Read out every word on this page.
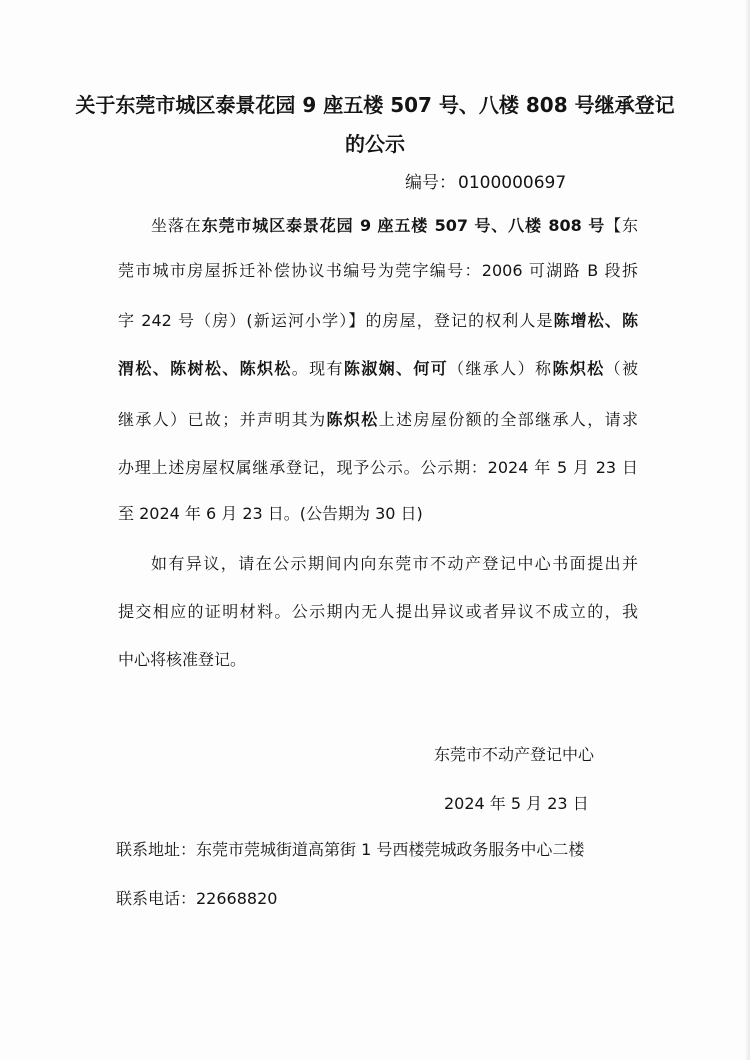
关于东莞市城区泰景花园 9 座五楼 507 号、八楼 808 号继承登记
的公示
编号： 0100000697
坐落在东莞市城区泰景花园 9 座五楼 507 号、八楼 808 号【东
莞市城市房屋拆迁补偿协议书编号为莞字编号：2006 可湖路 B 段拆
字 242 号（房）(新运河小学）】的房屋，登记的权利人是陈增松、陈
渭松、陈树松、陈炽松。现有陈淑娴、何可（继承人）称陈炽松（被
继承人）已故；并声明其为陈炽松上述房屋份额的全部继承人，请求
办理上述房屋权属继承登记，现予公示。公示期：2024 年 5 月 23 日
至 2024 年 6 月 23 日。(公告期为 30 日)
如有异议，请在公示期间内向东莞市不动产登记中心书面提出并
提交相应的证明材料。公示期内无人提出异议或者异议不成立的，我
中心将核准登记。
东莞市不动产登记中心
2024 年 5 月 23 日
联系地址：东莞市莞城街道高第街 1 号西楼莞城政务服务中心二楼
联系电话：22668820
